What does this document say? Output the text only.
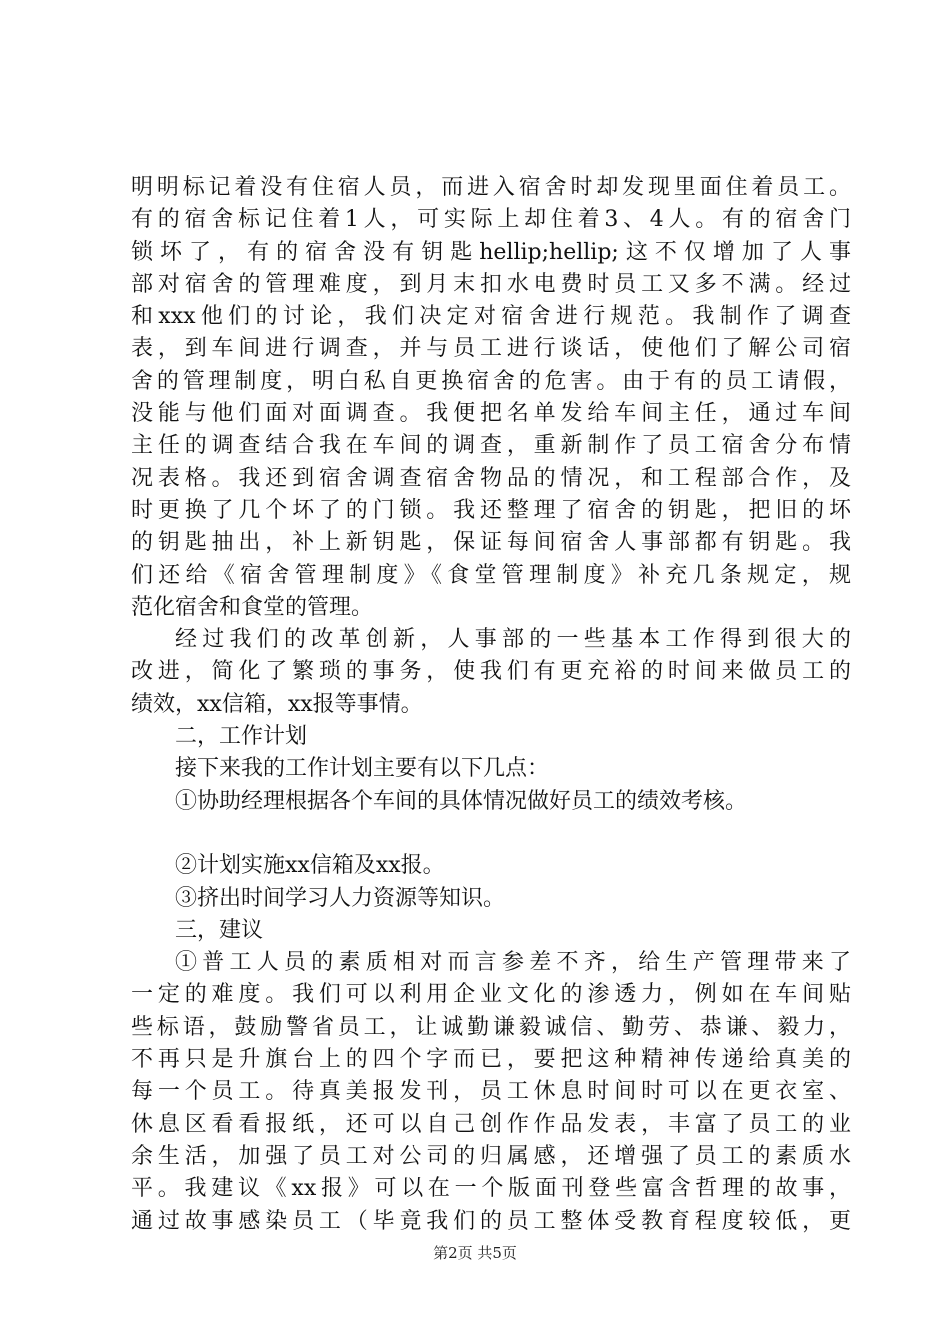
明明标记着没有住宿人员，而进入宿舍时却发现里面住着员工。
有的宿舍标记住着1人，可实际上却住着3、4人。有的宿舍门
锁坏了，有的宿舍没有钥匙hellip;hellip;这不仅增加了人事
部对宿舍的管理难度，到月末扣水电费时员工又多不满。经过
和xxx他们的讨论，我们决定对宿舍进行规范。我制作了调查
表，到车间进行调查，并与员工进行谈话，使他们了解公司宿
舍的管理制度，明白私自更换宿舍的危害。由于有的员工请假，
没能与他们面对面调查。我便把名单发给车间主任，通过车间
主任的调查结合我在车间的调查，重新制作了员工宿舍分布情
况表格。我还到宿舍调查宿舍物品的情况，和工程部合作，及
时更换了几个坏了的门锁。我还整理了宿舍的钥匙，把旧的坏
的钥匙抽出，补上新钥匙，保证每间宿舍人事部都有钥匙。我
们还给《宿舍管理制度》《食堂管理制度》补充几条规定，规
范化宿舍和食堂的管理。
经过我们的改革创新，人事部的一些基本工作得到很大的
改进，简化了繁琐的事务，使我们有更充裕的时间来做员工的
绩效，xx信箱，xx报等事情。
二，工作计划
接下来我的工作计划主要有以下几点：
①协助经理根据各个车间的具体情况做好员工的绩效考核。
②计划实施xx信箱及xx报。
③挤出时间学习人力资源等知识。
三，建议
①普工人员的素质相对而言参差不齐，给生产管理带来了
一定的难度。我们可以利用企业文化的渗透力，例如在车间贴
些标语，鼓励警省员工，让诚勤谦毅诚信、勤劳、恭谦、毅力，
不再只是升旗台上的四个字而已，要把这种精神传递给真美的
每一个员工。待真美报发刊，员工休息时间时可以在更衣室、
休息区看看报纸，还可以自己创作作品发表，丰富了员工的业
余生活，加强了员工对公司的归属感，还增强了员工的素质水
平。我建议《xx报》可以在一个版面刊登些富含哲理的故事，
通过故事感染员工（毕竟我们的员工整体受教育程度较低，更
第2页 共5页
